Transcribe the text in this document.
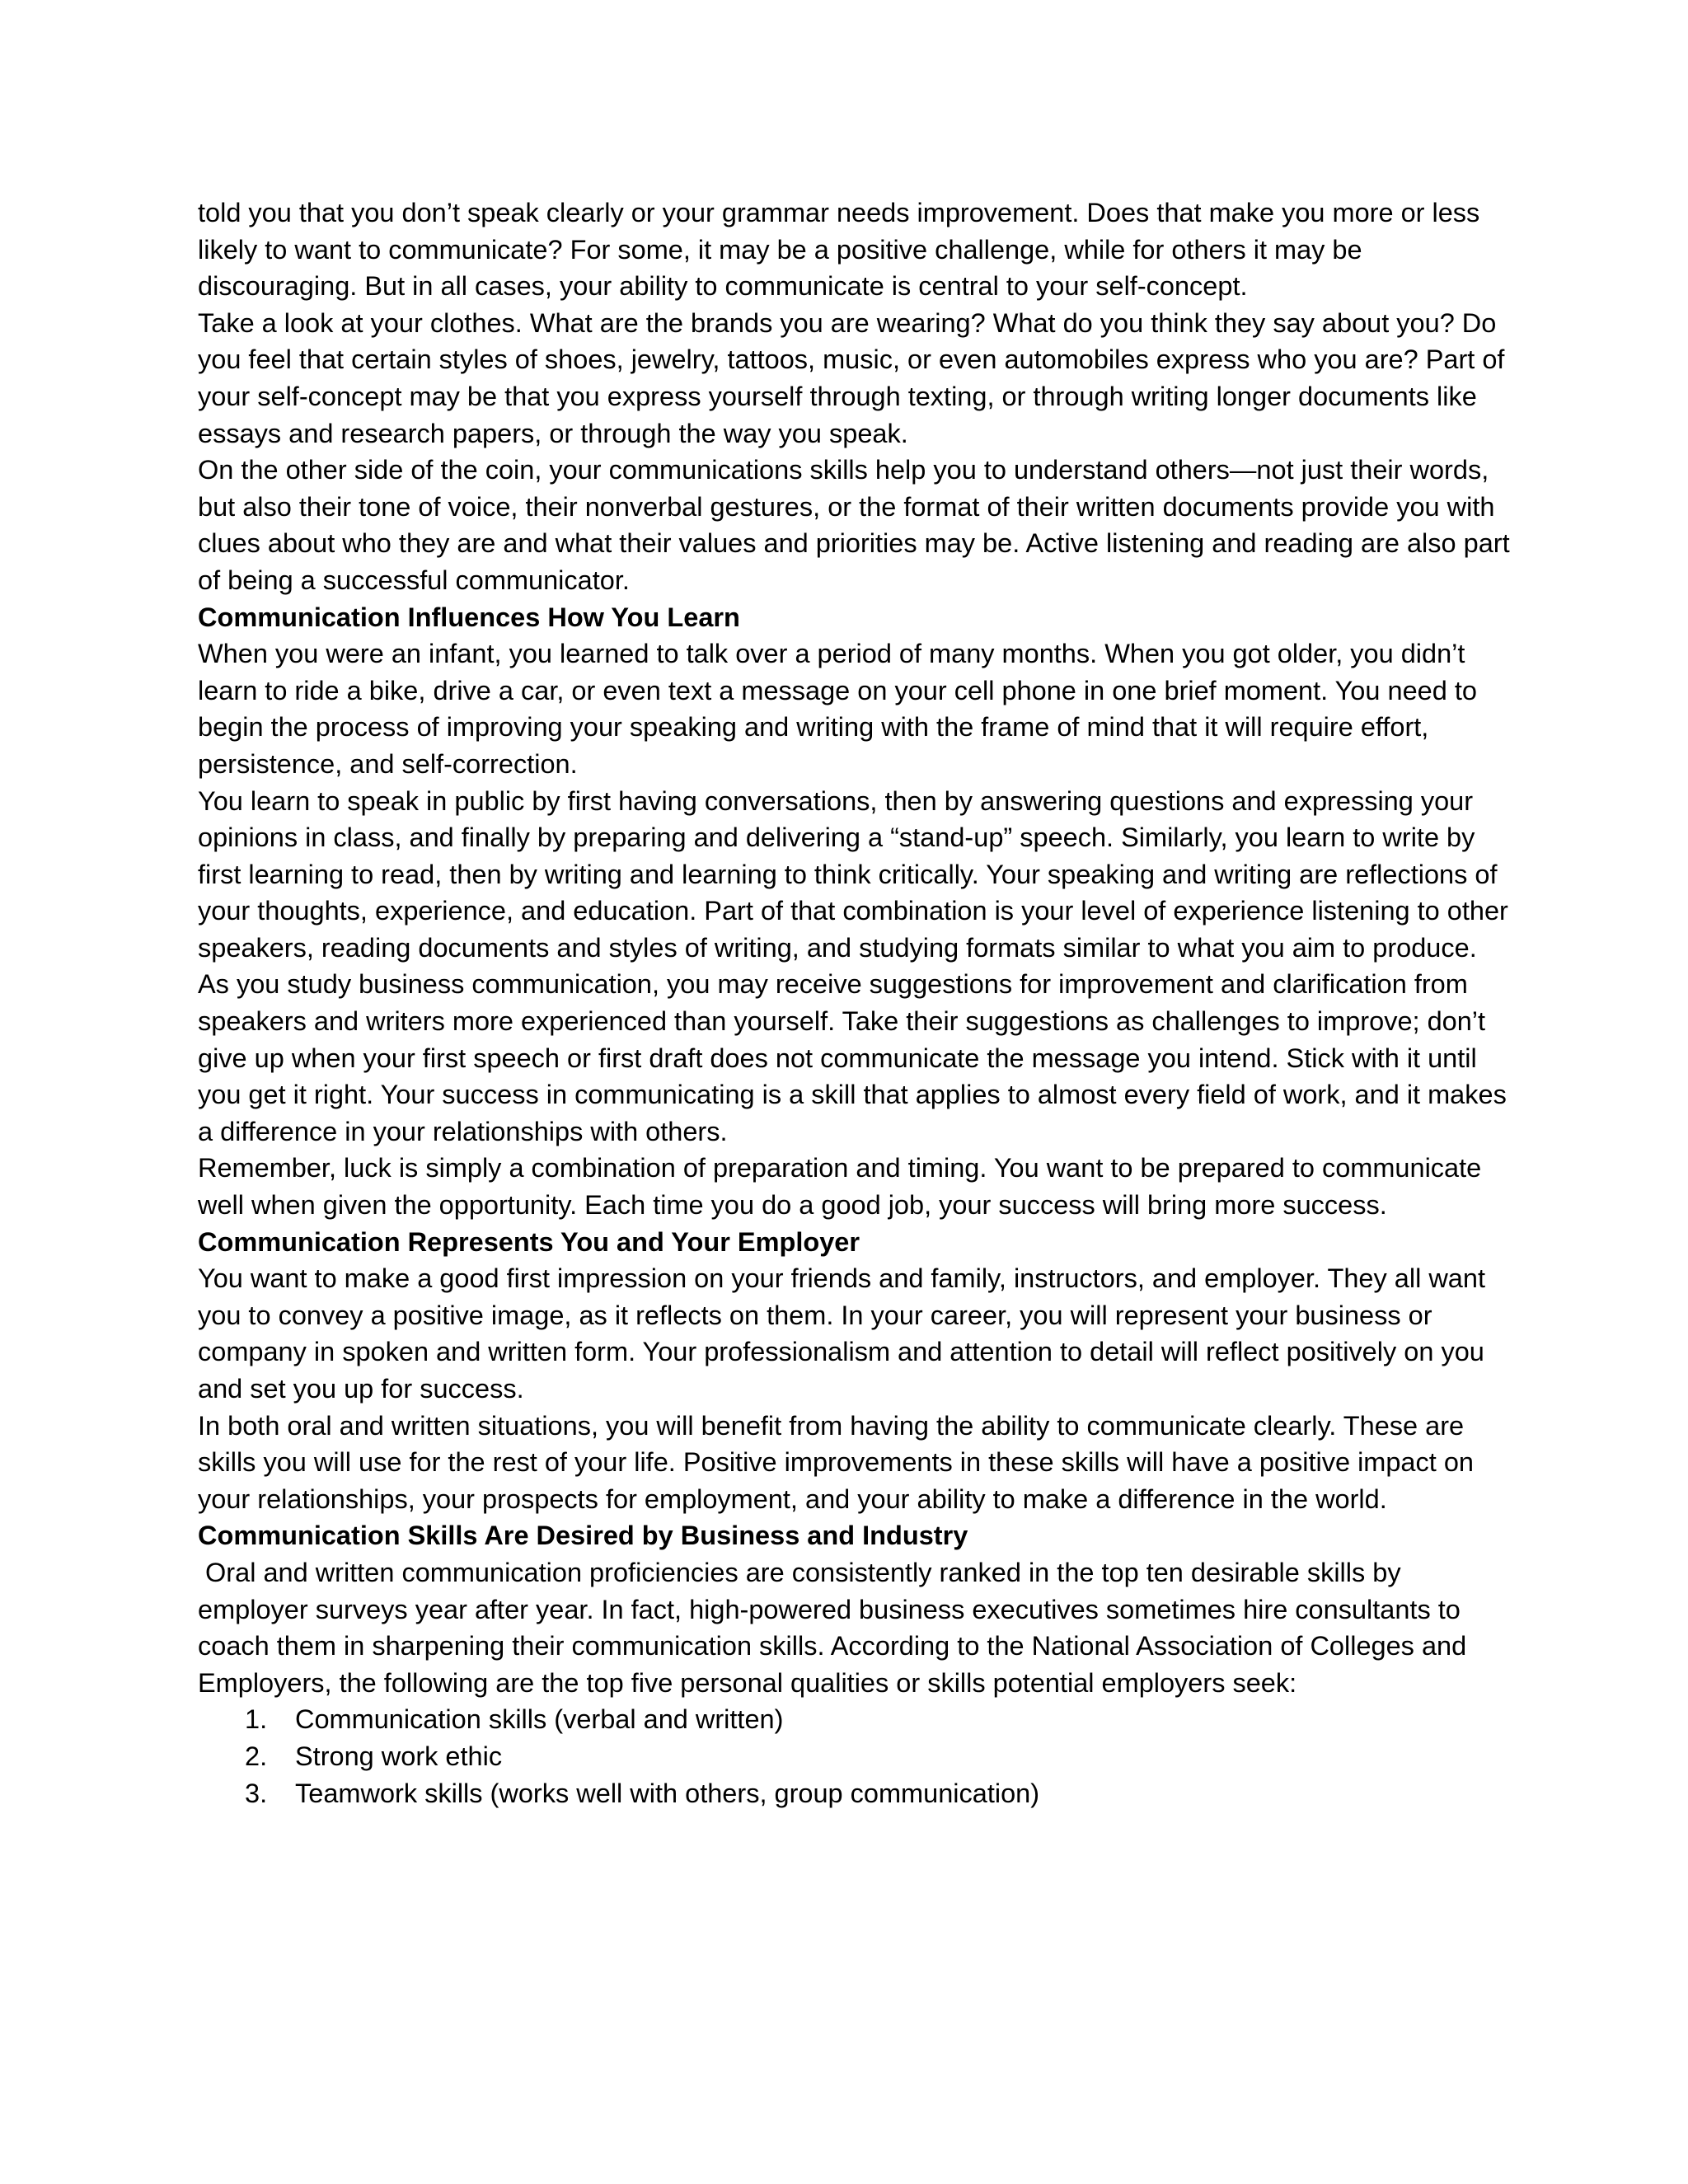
told you that you don’t speak clearly or your grammar needs improvement. Does that make you more or less likely to want to communicate? For some, it may be a positive challenge, while for others it may be discouraging. But in all cases, your ability to communicate is central to your self-concept.

Take a look at your clothes. What are the brands you are wearing? What do you think they say about you? Do you feel that certain styles of shoes, jewelry, tattoos, music, or even automobiles express who you are? Part of your self-concept may be that you express yourself through texting, or through writing longer documents like essays and research papers, or through the way you speak.

On the other side of the coin, your communications skills help you to understand others—not just their words, but also their tone of voice, their nonverbal gestures, or the format of their written documents provide you with clues about who they are and what their values and priorities may be. Active listening and reading are also part of being a successful communicator.

Communication Influences How You Learn

When you were an infant, you learned to talk over a period of many months. When you got older, you didn’t learn to ride a bike, drive a car, or even text a message on your cell phone in one brief moment. You need to begin the process of improving your speaking and writing with the frame of mind that it will require effort, persistence, and self-correction.

You learn to speak in public by first having conversations, then by answering questions and expressing your opinions in class, and finally by preparing and delivering a “stand-up” speech. Similarly, you learn to write by first learning to read, then by writing and learning to think critically. Your speaking and writing are reflections of your thoughts, experience, and education. Part of that combination is your level of experience listening to other speakers, reading documents and styles of writing, and studying formats similar to what you aim to produce.

As you study business communication, you may receive suggestions for improvement and clarification from speakers and writers more experienced than yourself. Take their suggestions as challenges to improve; don’t give up when your first speech or first draft does not communicate the message you intend. Stick with it until you get it right. Your success in communicating is a skill that applies to almost every field of work, and it makes a difference in your relationships with others.

Remember, luck is simply a combination of preparation and timing. You want to be prepared to communicate well when given the opportunity. Each time you do a good job, your success will bring more success.

Communication Represents You and Your Employer

You want to make a good first impression on your friends and family, instructors, and employer. They all want you to convey a positive image, as it reflects on them. In your career, you will represent your business or company in spoken and written form. Your professionalism and attention to detail will reflect positively on you and set you up for success.

In both oral and written situations, you will benefit from having the ability to communicate clearly. These are skills you will use for the rest of your life. Positive improvements in these skills will have a positive impact on your relationships, your prospects for employment, and your ability to make a difference in the world.

Communication Skills Are Desired by Business and Industry

Oral and written communication proficiencies are consistently ranked in the top ten desirable skills by employer surveys year after year. In fact, high-powered business executives sometimes hire consultants to coach them in sharpening their communication skills. According to the National Association of Colleges and Employers, the following are the top five personal qualities or skills potential employers seek:

1. Communication skills (verbal and written)
2. Strong work ethic
3. Teamwork skills (works well with others, group communication)
